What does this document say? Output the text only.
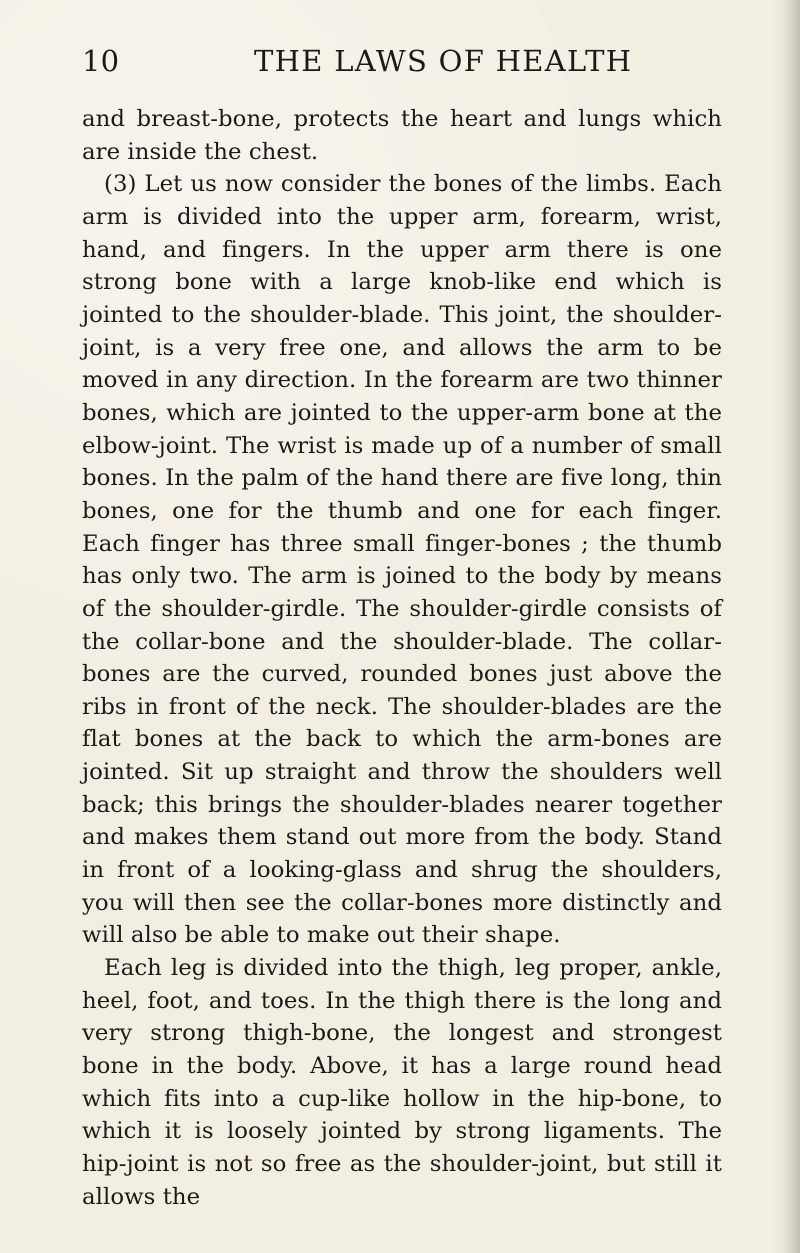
10	THE LAWS OF HEALTH

and breast-bone, protects the heart and lungs which are inside the chest.

(3) Let us now consider the bones of the limbs. Each arm is divided into the upper arm, forearm, wrist, hand, and fingers. In the upper arm there is one strong bone with a large knob-like end which is jointed to the shoulder-blade. This joint, the shoulder-joint, is a very free one, and allows the arm to be moved in any direction. In the forearm are two thinner bones, which are jointed to the upper-arm bone at the elbow-joint. The wrist is made up of a number of small bones. In the palm of the hand there are five long, thin bones, one for the thumb and one for each finger. Each finger has three small finger-bones ; the thumb has only two. The arm is joined to the body by means of the shoulder-girdle. The shoulder-girdle consists of the collar-bone and the shoulder-blade. The collar-bones are the curved, rounded bones just above the ribs in front of the neck. The shoulder-blades are the flat bones at the back to which the arm-bones are jointed. Sit up straight and throw the shoulders well back; this brings the shoulder-blades nearer together and makes them stand out more from the body. Stand in front of a looking-glass and shrug the shoulders, you will then see the collar-bones more distinctly and will also be able to make out their shape.

Each leg is divided into the thigh, leg proper, ankle, heel, foot, and toes. In the thigh there is the long and very strong thigh-bone, the longest and strongest bone in the body. Above, it has a large round head which fits into a cup-like hollow in the hip-bone, to which it is loosely jointed by strong ligaments. The hip-joint is not so free as the shoulder-joint, but still it allows the
